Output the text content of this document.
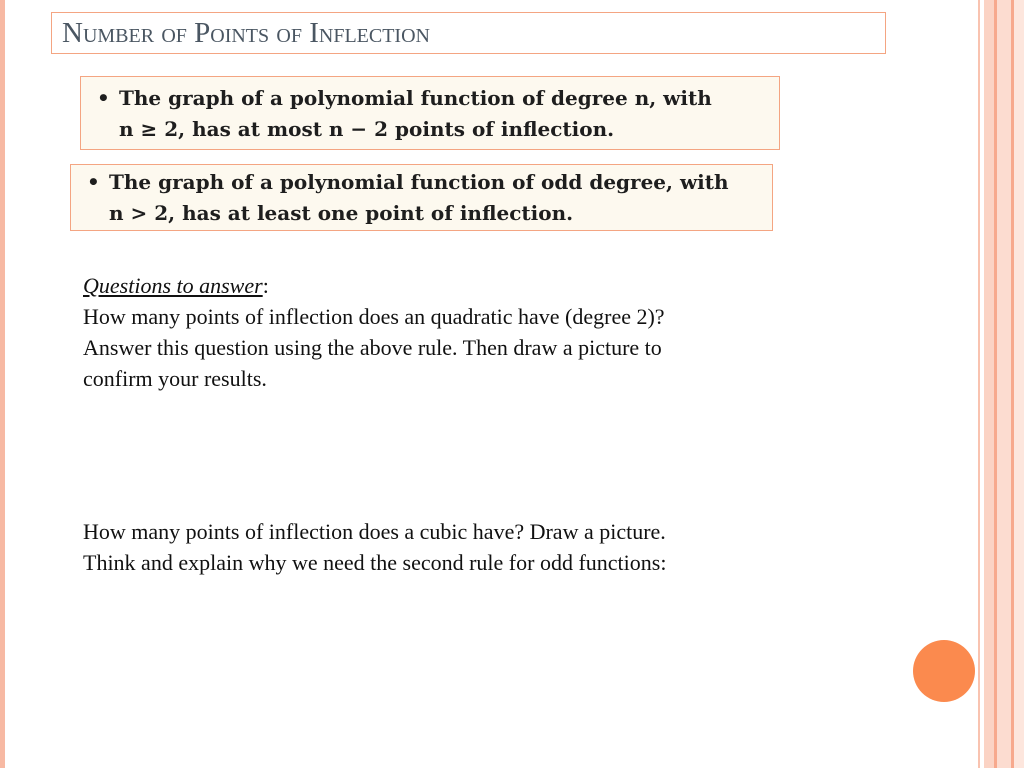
Number of Points of Inflection
• The graph of a polynomial function of degree n, with
n ≥ 2, has at most n − 2 points of inflection.
• The graph of a polynomial function of odd degree, with
n > 2, has at least one point of inflection.
Questions to answer:
How many points of inflection does an quadratic have (degree 2)?
Answer this question using the above rule. Then draw a picture to
confirm your results.
How many points of inflection does a cubic have? Draw a picture.
Think and explain why we need the second rule for odd functions:
